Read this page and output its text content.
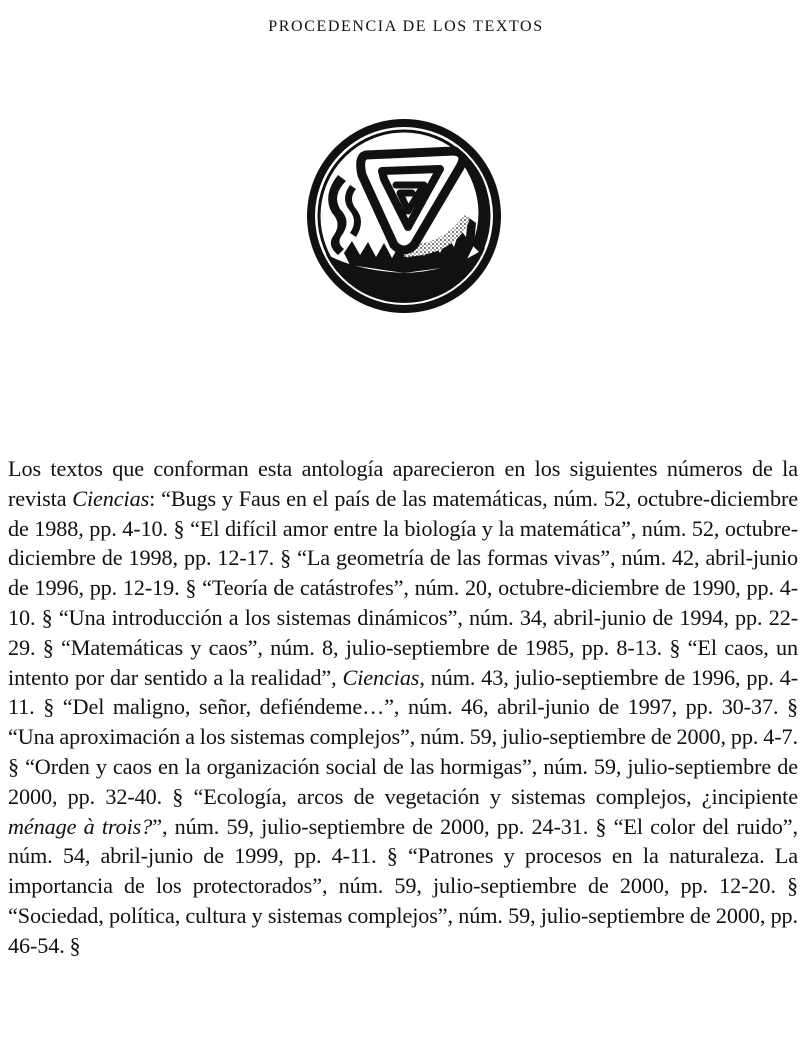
PROCEDENCIA DE LOS TEXTOS

Los textos que conforman esta antología aparecieron en los siguientes números de la revista Ciencias: “Bugs y Faus en el país de las matemáticas, núm. 52, octubre-diciembre de 1988, pp. 4-10. § “El difícil amor entre la biología y la matemática”, núm. 52, octubre-diciembre de 1998, pp. 12-17. § “La geometría de las formas vivas”, núm. 42, abril-junio de 1996, pp. 12-19. § “Teoría de catástrofes”, núm. 20, octubre-diciembre de 1990, pp. 4-10. § “Una introducción a los sistemas dinámicos”, núm. 34, abril-junio de 1994, pp. 22-29. § “Matemáticas y caos”, núm. 8, julio-septiembre de 1985, pp. 8-13. § “El caos, un intento por dar sentido a la realidad”, Ciencias, núm. 43, julio-septiembre de 1996, pp. 4-11. § “Del maligno, señor, defiéndeme…”, núm. 46, abril-junio de 1997, pp. 30-37. § “Una aproximación a los sistemas complejos”, núm. 59, julio-septiembre de 2000, pp. 4-7. § “Orden y caos en la organización social de las hormigas”, núm. 59, julio-septiembre de 2000, pp. 32-40. § “Ecología, arcos de vegetación y sistemas complejos, ¿incipiente ménage à trois?”, núm. 59, julio-septiembre de 2000, pp. 24-31. § “El color del ruido”, núm. 54, abril-junio de 1999, pp. 4-11. § “Patrones y procesos en la naturaleza. La importancia de los protectorados”, núm. 59, julio-septiembre de 2000, pp. 12-20. § “Sociedad, política, cultura y sistemas complejos”, núm. 59, julio-septiembre de 2000, pp. 46-54. §
